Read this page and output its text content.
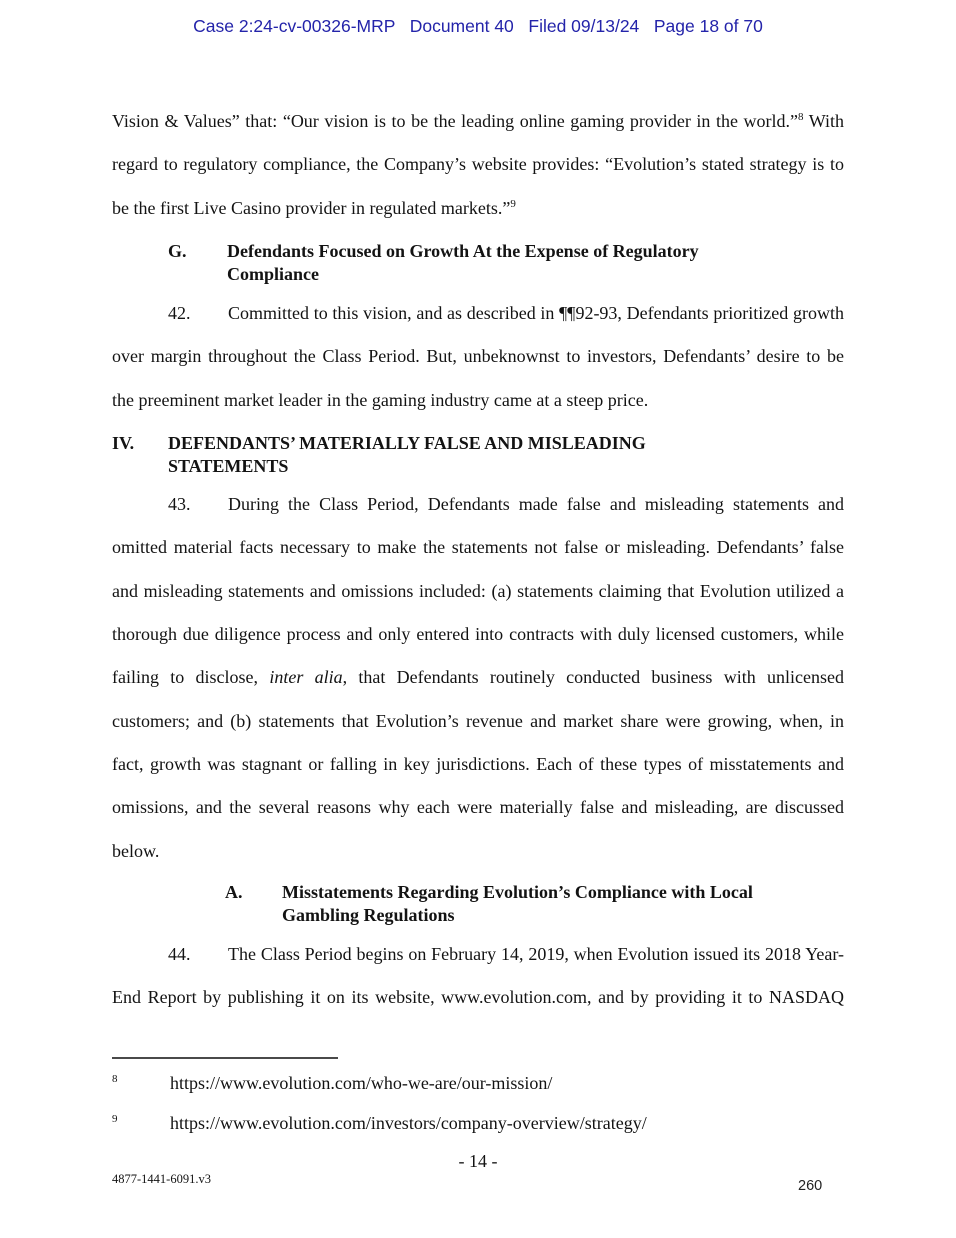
Case 2:24-cv-00326-MRP   Document 40   Filed 09/13/24   Page 18 of 70
Vision & Values” that: “Our vision is to be the leading online gaming provider in the world.”$^8$ With
regard to regulatory compliance, the Company’s website provides: “Evolution’s stated strategy is to
be the first Live Casino provider in regulated markets.”$^9$
G.	Defendants Focused on Growth At the Expense of Regulatory
Compliance
42. Committed to this vision, and as described in ¶¶92-93, Defendants prioritized growth
over margin throughout the Class Period. But, unbeknownst to investors, Defendants’ desire to be
the preeminent market leader in the gaming industry came at a steep price.
IV.	DEFENDANTS’ MATERIALLY FALSE AND MISLEADING
STATEMENTS
43. During the Class Period, Defendants made false and misleading statements and
omitted material facts necessary to make the statements not false or misleading. Defendants’ false
and misleading statements and omissions included: (a) statements claiming that Evolution utilized a
thorough due diligence process and only entered into contracts with duly licensed customers, while
failing to disclose, inter alia, that Defendants routinely conducted business with unlicensed
customers; and (b) statements that Evolution’s revenue and market share were growing, when, in
fact, growth was stagnant or falling in key jurisdictions. Each of these types of misstatements and
omissions, and the several reasons why each were materially false and misleading, are discussed
below.
A.	Misstatements Regarding Evolution’s Compliance with Local
Gambling Regulations
44. The Class Period begins on February 14, 2019, when Evolution issued its 2018 Year-
End Report by publishing it on its website, www.evolution.com, and by providing it to NASDAQ
$^8$	https://www.evolution.com/who-we-are/our-mission/
$^9$	https://www.evolution.com/investors/company-overview/strategy/
- 14 -
4877-1441-6091.v3	260
